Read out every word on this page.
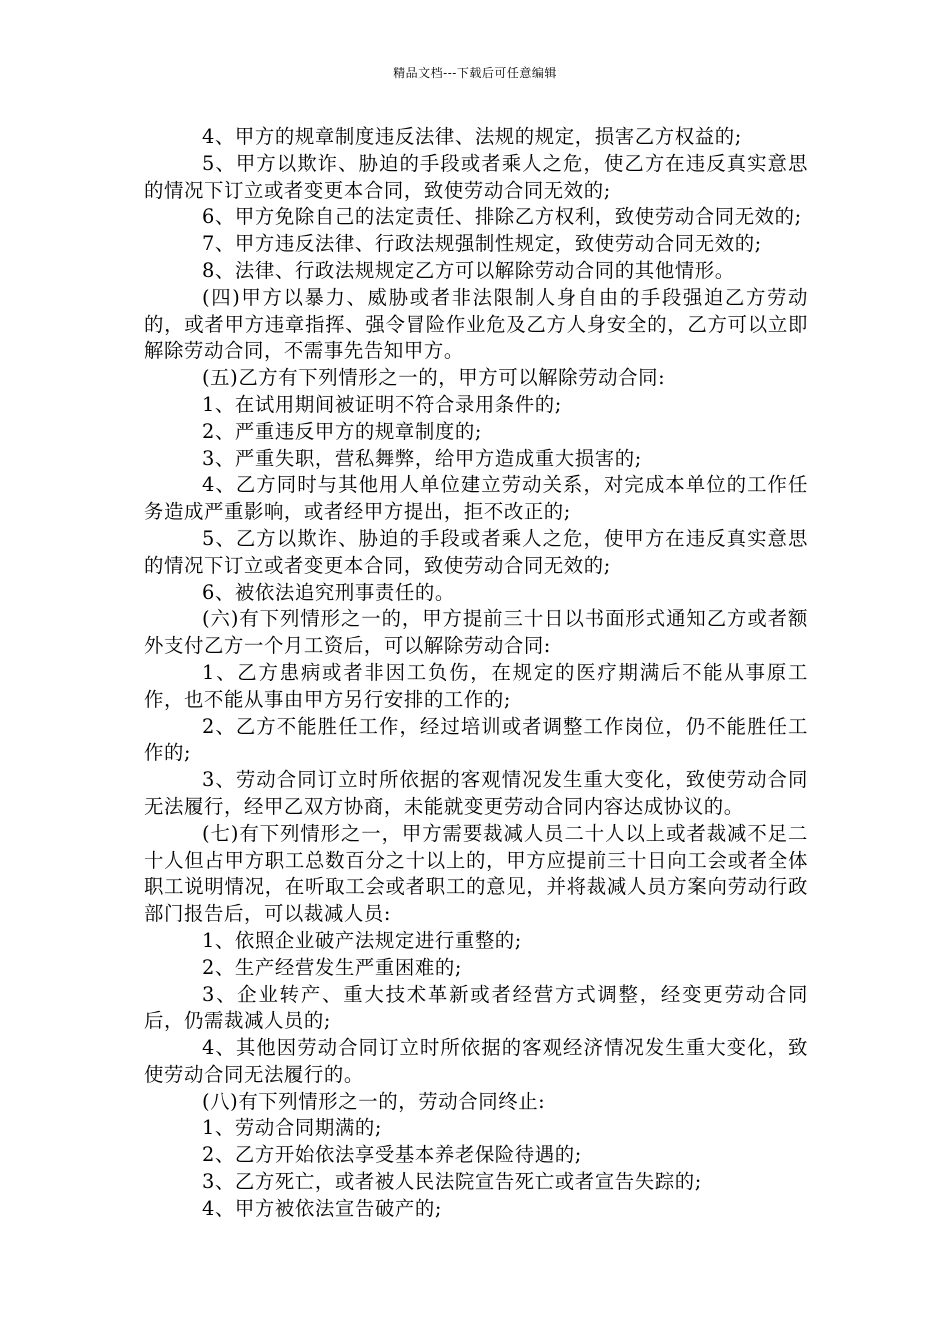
精品文档---下载后可任意编辑

4、甲方的规章制度违反法律、法规的规定，损害乙方权益的;

5、甲方以欺诈、胁迫的手段或者乘人之危，使乙方在违反真实意思的情况下订立或者变更本合同，致使劳动合同无效的;

6、甲方免除自己的法定责任、排除乙方权利，致使劳动合同无效的;

7、甲方违反法律、行政法规强制性规定，致使劳动合同无效的;

8、法律、行政法规规定乙方可以解除劳动合同的其他情形。

(四)甲方以暴力、威胁或者非法限制人身自由的手段强迫乙方劳动的，或者甲方违章指挥、强令冒险作业危及乙方人身安全的，乙方可以立即解除劳动合同，不需事先告知甲方。

(五)乙方有下列情形之一的，甲方可以解除劳动合同:

1、在试用期间被证明不符合录用条件的;

2、严重违反甲方的规章制度的;

3、严重失职，营私舞弊，给甲方造成重大损害的;

4、乙方同时与其他用人单位建立劳动关系，对完成本单位的工作任务造成严重影响，或者经甲方提出，拒不改正的;

5、乙方以欺诈、胁迫的手段或者乘人之危，使甲方在违反真实意思的情况下订立或者变更本合同，致使劳动合同无效的;

6、被依法追究刑事责任的。

(六)有下列情形之一的，甲方提前三十日以书面形式通知乙方或者额外支付乙方一个月工资后，可以解除劳动合同:

1、乙方患病或者非因工负伤，在规定的医疗期满后不能从事原工作，也不能从事由甲方另行安排的工作的;

2、乙方不能胜任工作，经过培训或者调整工作岗位，仍不能胜任工作的;

3、劳动合同订立时所依据的客观情况发生重大变化，致使劳动合同无法履行，经甲乙双方协商，未能就变更劳动合同内容达成协议的。

(七)有下列情形之一，甲方需要裁减人员二十人以上或者裁减不足二十人但占甲方职工总数百分之十以上的，甲方应提前三十日向工会或者全体职工说明情况，在听取工会或者职工的意见，并将裁减人员方案向劳动行政部门报告后，可以裁减人员:

1、依照企业破产法规定进行重整的;

2、生产经营发生严重困难的;

3、企业转产、重大技术革新或者经营方式调整，经变更劳动合同后，仍需裁减人员的;

4、其他因劳动合同订立时所依据的客观经济情况发生重大变化，致使劳动合同无法履行的。

(八)有下列情形之一的，劳动合同终止:

1、劳动合同期满的;

2、乙方开始依法享受基本养老保险待遇的;

3、乙方死亡，或者被人民法院宣告死亡或者宣告失踪的;

4、甲方被依法宣告破产的;
